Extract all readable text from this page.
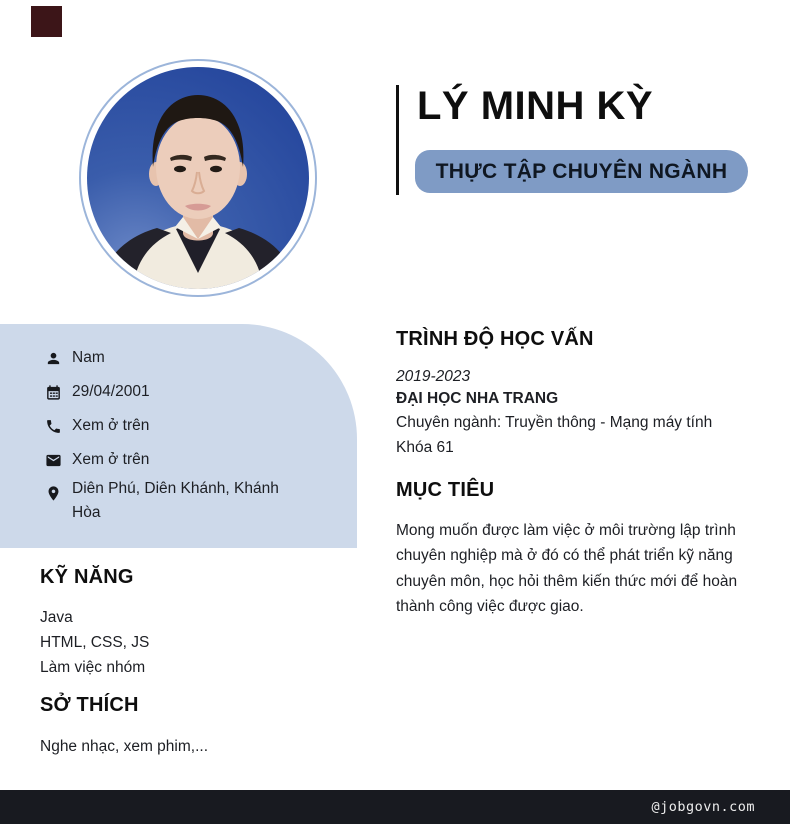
LÝ MINH KỲ
THỰC TẬP CHUYÊN NGÀNH
Nam
29/04/2001
Xem ở trên
Xem ở trên
Diên Phú, Diên Khánh, Khánh Hòa
KỸ NĂNG
Java
HTML, CSS, JS
Làm việc nhóm
SỞ THÍCH
Nghe nhạc, xem phim,...
TRÌNH ĐỘ HỌC VẤN
2019-2023
ĐẠI HỌC NHA TRANG
Chuyên ngành: Truyền thông - Mạng máy tính
Khóa 61
MỤC TIÊU
Mong muốn được làm việc ở môi trường lập trình chuyên nghiệp mà ở đó có thể phát triển kỹ năng chuyên môn, học hỏi thêm kiến thức mới để hoàn thành công việc được giao.
@jobgovn.com
